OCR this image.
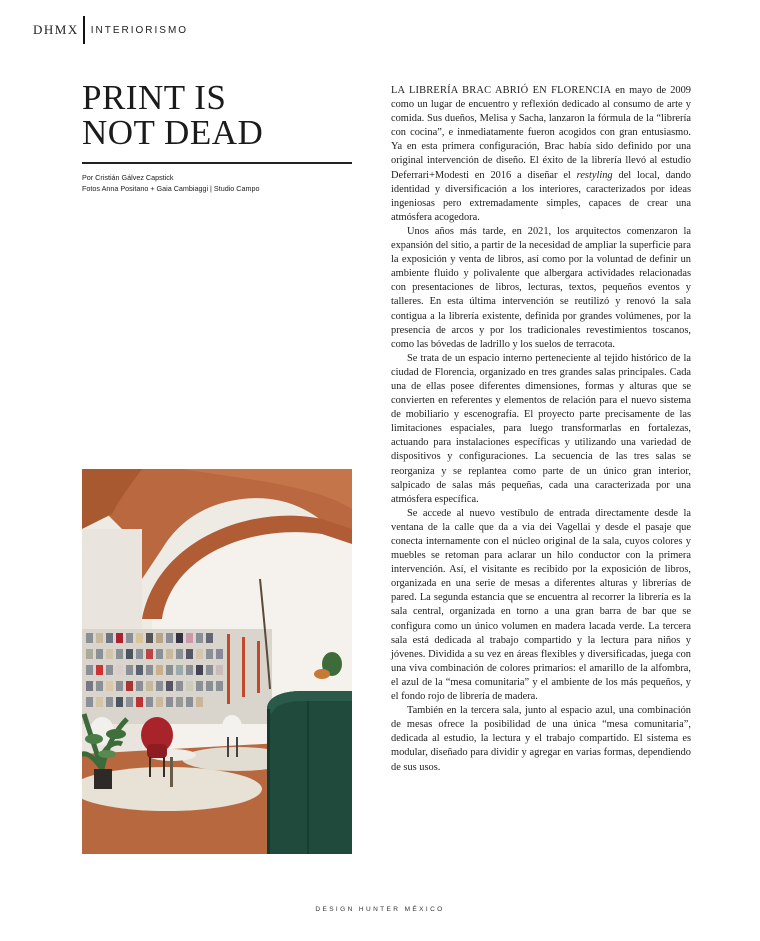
DHMX INTERIORISMO
PRINT IS
NOT DEAD
Por Cristián Gálvez Capstick
Fotos Anna Positano + Gaia Cambiaggi | Studio Campo

LA LIBRERÍA BRAC ABRIÓ EN FLORENCIA en mayo de 2009 como un lugar de encuentro y reflexión dedicado al consumo de arte y comida. Sus dueños, Melisa y Sacha, lanzaron la fórmula de la “librería con cocina”, e inmediatamente fueron acogidos con gran entusiasmo. Ya en esta primera configuración, Brac había sido definido por una original intervención de diseño. El éxito de la librería llevó al estudio Deferrari+Modesti en 2016 a diseñar el restyling del local, dando identidad y diversificación a los interiores, caracterizados por ideas ingeniosas pero extremadamente simples, capaces de crear una atmósfera acogedora.

Unos años más tarde, en 2021, los arquitectos comenzaron la expansión del sitio, a partir de la necesidad de ampliar la superficie para la exposición y venta de libros, así como por la voluntad de definir un ambiente fluido y polivalente que albergara actividades relacionadas con presentaciones de libros, lecturas, textos, pequeños eventos y talleres. En esta última intervención se reutilizó y renovó la sala contigua a la librería existente, definida por grandes volúmenes, por la presencia de arcos y por los tradicionales revestimientos toscanos, como las bóvedas de ladrillo y los suelos de terracota.

Se trata de un espacio interno perteneciente al tejido histórico de la ciudad de Florencia, organizado en tres grandes salas principales. Cada una de ellas posee diferentes dimensiones, formas y alturas que se convierten en referentes y elementos de relación para el nuevo sistema de mobiliario y escenografía. El proyecto parte precisamente de las limitaciones espaciales, para luego transformarlas en fortalezas, actuando para instalaciones específicas y utilizando una variedad de dispositivos y configuraciones. La secuencia de las tres salas se reorganiza y se replantea como parte de un único gran interior, salpicado de salas más pequeñas, cada una caracterizada por una atmósfera específica.

Se accede al nuevo vestíbulo de entrada directamente desde la ventana de la calle que da a via dei Vagellai y desde el pasaje que conecta internamente con el núcleo original de la sala, cuyos colores y muebles se retoman para aclarar un hilo conductor con la primera intervención. Así, el visitante es recibido por la exposición de libros, organizada en una serie de mesas a diferentes alturas y librerías de pared. La segunda estancia que se encuentra al recorrer la librería es la sala central, organizada en torno a una gran barra de bar que se configura como un único volumen en madera lacada verde. La tercera sala está dedicada al trabajo compartido y la lectura para niños y jóvenes. Dividida a su vez en áreas flexibles y diversificadas, juega con una viva combinación de colores primarios: el amarillo de la alfombra, el azul de la “mesa comunitaria” y el ambiente de los más pequeños, y el fondo rojo de librería de madera.

También en la tercera sala, junto al espacio azul, una combinación de mesas ofrece la posibilidad de una única “mesa comunitaria”, dedicada al estudio, la lectura y el trabajo compartido. El sistema es modular, diseñado para dividir y agregar en varias formas, dependiendo de sus usos.

DESIGN HUNTER MÉXICO
